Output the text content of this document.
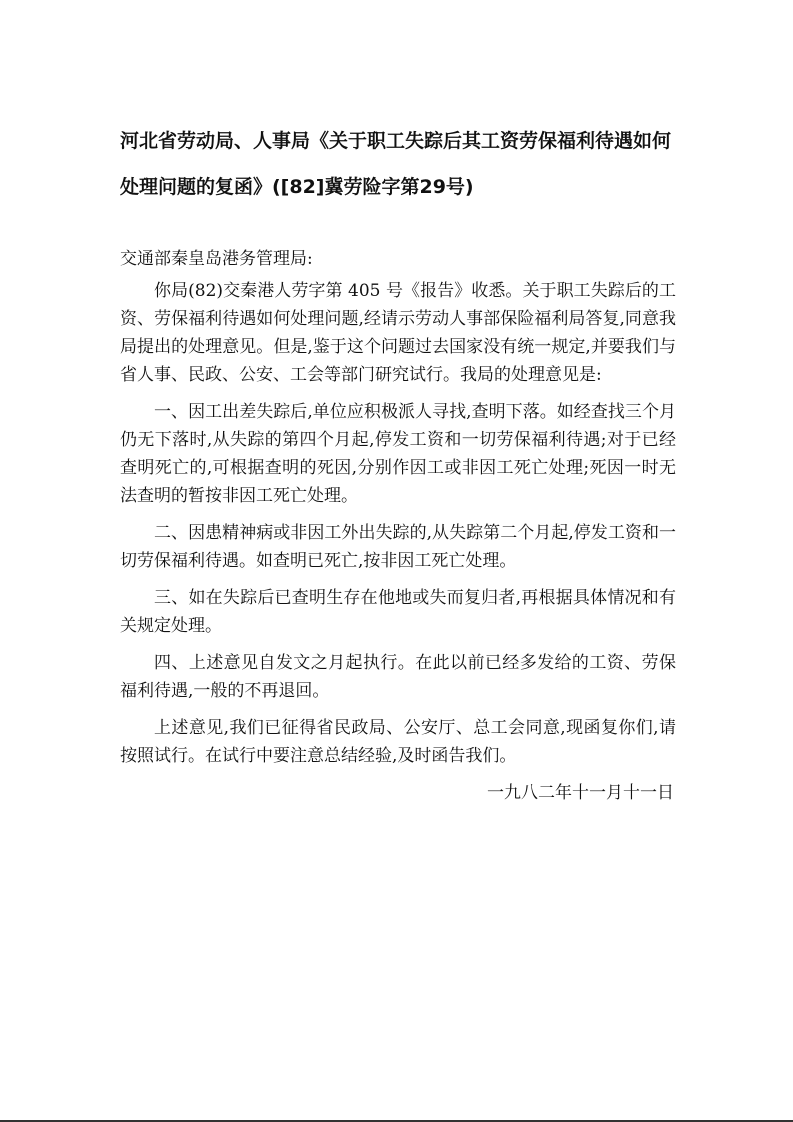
河北省劳动局、人事局《关于职工失踪后其工资劳保福利待遇如何处理问题的复函》([82]冀劳险字第29号)

交通部秦皇岛港务管理局:

你局(82)交秦港人劳字第 405 号《报告》收悉。关于职工失踪后的工资、劳保福利待遇如何处理问题,经请示劳动人事部保险福利局答复,同意我局提出的处理意见。但是,鉴于这个问题过去国家没有统一规定,并要我们与省人事、民政、公安、工会等部门研究试行。我局的处理意见是:

一、因工出差失踪后,单位应积极派人寻找,查明下落。如经查找三个月仍无下落时,从失踪的第四个月起,停发工资和一切劳保福利待遇;对于已经查明死亡的,可根据查明的死因,分别作因工或非因工死亡处理;死因一时无法查明的暂按非因工死亡处理。

二、因患精神病或非因工外出失踪的,从失踪第二个月起,停发工资和一切劳保福利待遇。如查明已死亡,按非因工死亡处理。

三、如在失踪后已查明生存在他地或失而复归者,再根据具体情况和有关规定处理。

四、上述意见自发文之月起执行。在此以前已经多发给的工资、劳保福利待遇,一般的不再退回。

上述意见,我们已征得省民政局、公安厅、总工会同意,现函复你们,请按照试行。在试行中要注意总结经验,及时函告我们。

一九八二年十一月十一日
